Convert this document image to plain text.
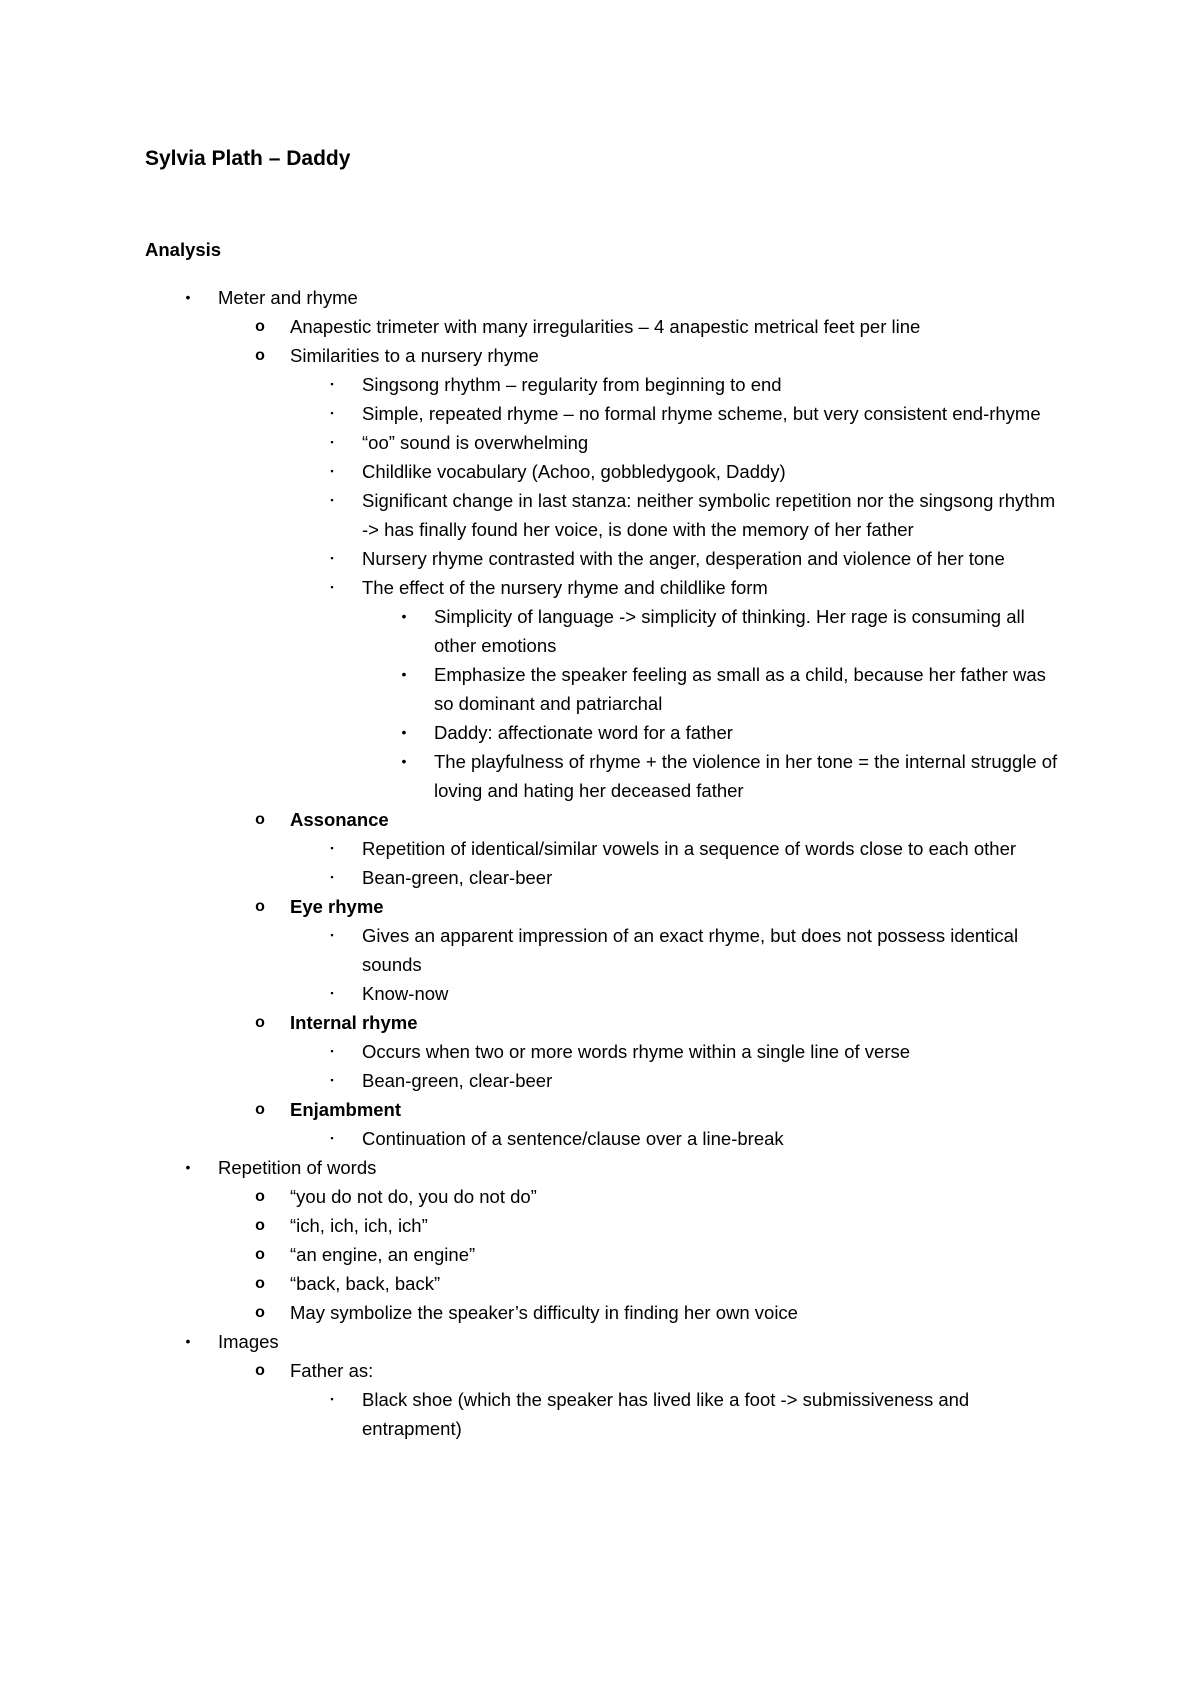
Sylvia Plath – Daddy
Analysis
•	Meter and rhyme
o Anapestic trimeter with many irregularities – 4 anapestic metrical feet per line
o Similarities to a nursery rhyme
▪	Singsong rhythm – regularity from beginning to end
▪	Simple, repeated rhyme – no formal rhyme scheme, but very consistent end-rhyme
▪	“oo” sound is overwhelming
▪	Childlike vocabulary (Achoo, gobbledygook, Daddy)
▪	Significant change in last stanza: neither symbolic repetition nor the singsong rhythm -> has finally found her voice, is done with the memory of her father
▪	Nursery rhyme contrasted with the anger, desperation and violence of her tone
▪	The effect of the nursery rhyme and childlike form
•	Simplicity of language -> simplicity of thinking. Her rage is consuming all other emotions
•	Emphasize the speaker feeling as small as a child, because her father was so dominant and patriarchal
•	Daddy: affectionate word for a father
•	The playfulness of rhyme + the violence in her tone = the internal struggle of loving and hating her deceased father
o Assonance
▪	Repetition of identical/similar vowels in a sequence of words close to each other
▪	Bean-green, clear-beer
o Eye rhyme
▪	Gives an apparent impression of an exact rhyme, but does not possess identical sounds
▪	Know-now
o Internal rhyme
▪	Occurs when two or more words rhyme within a single line of verse
▪	Bean-green, clear-beer
o Enjambment
▪	Continuation of a sentence/clause over a line-break
•	Repetition of words
o “you do not do, you do not do”
o “ich, ich, ich, ich”
o “an engine, an engine”
o “back, back, back”
o May symbolize the speaker’s difficulty in finding her own voice
•	Images
o Father as:
▪	Black shoe (which the speaker has lived like a foot -> submissiveness and entrapment)
